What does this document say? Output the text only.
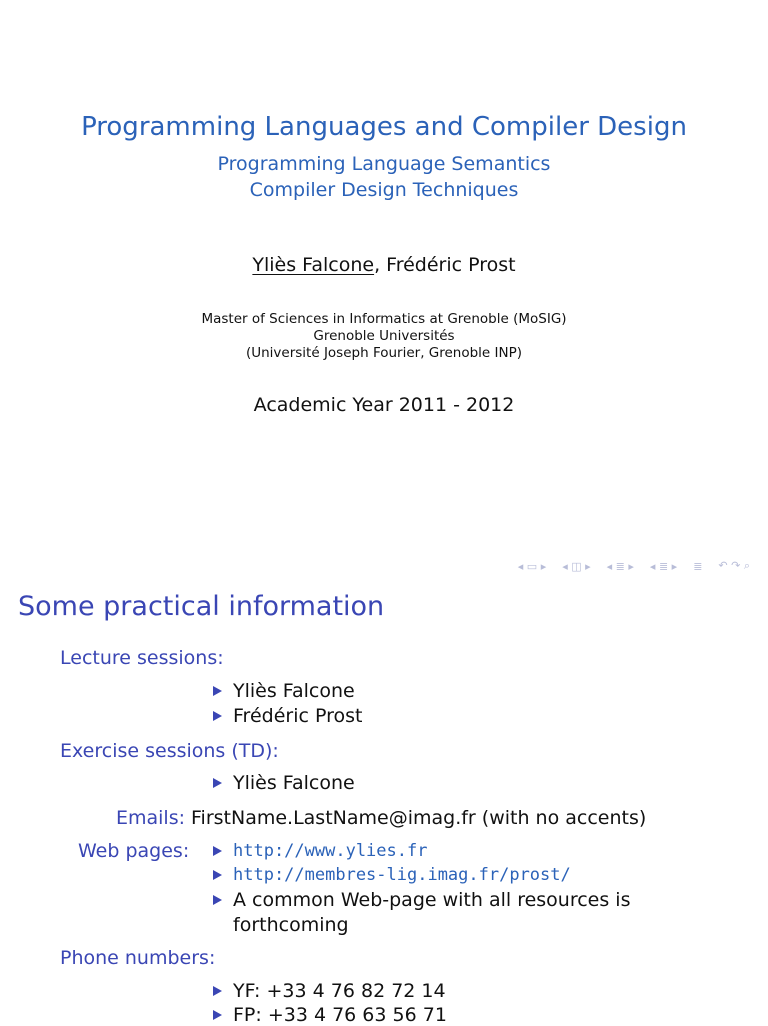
Programming Languages and Compiler Design
Programming Language Semantics
Compiler Design Techniques
Yliès Falcone, Frédéric Prost
Master of Sciences in Informatics at Grenoble (MoSIG)
Grenoble Universités
(Université Joseph Fourier, Grenoble INP)
Academic Year 2011 - 2012
◂ ▭ ▸ ◂ ◫ ▸ ◂ ≣ ▸ ◂ ≣ ▸ ≣ ↶ ↷ ⌕
Some practical information
Lecture sessions:
Yliès Falcone
Frédéric Prost
Exercise sessions (TD):
Yliès Falcone
Emails: FirstName.LastName@imag.fr (with no accents)
Web pages:	http://www.ylies.fr
http://membres-lig.imag.fr/prost/
A common Web-page with all resources is
forthcoming
Phone numbers:
YF: +33 4 76 82 72 14
FP: +33 4 76 63 56 71
